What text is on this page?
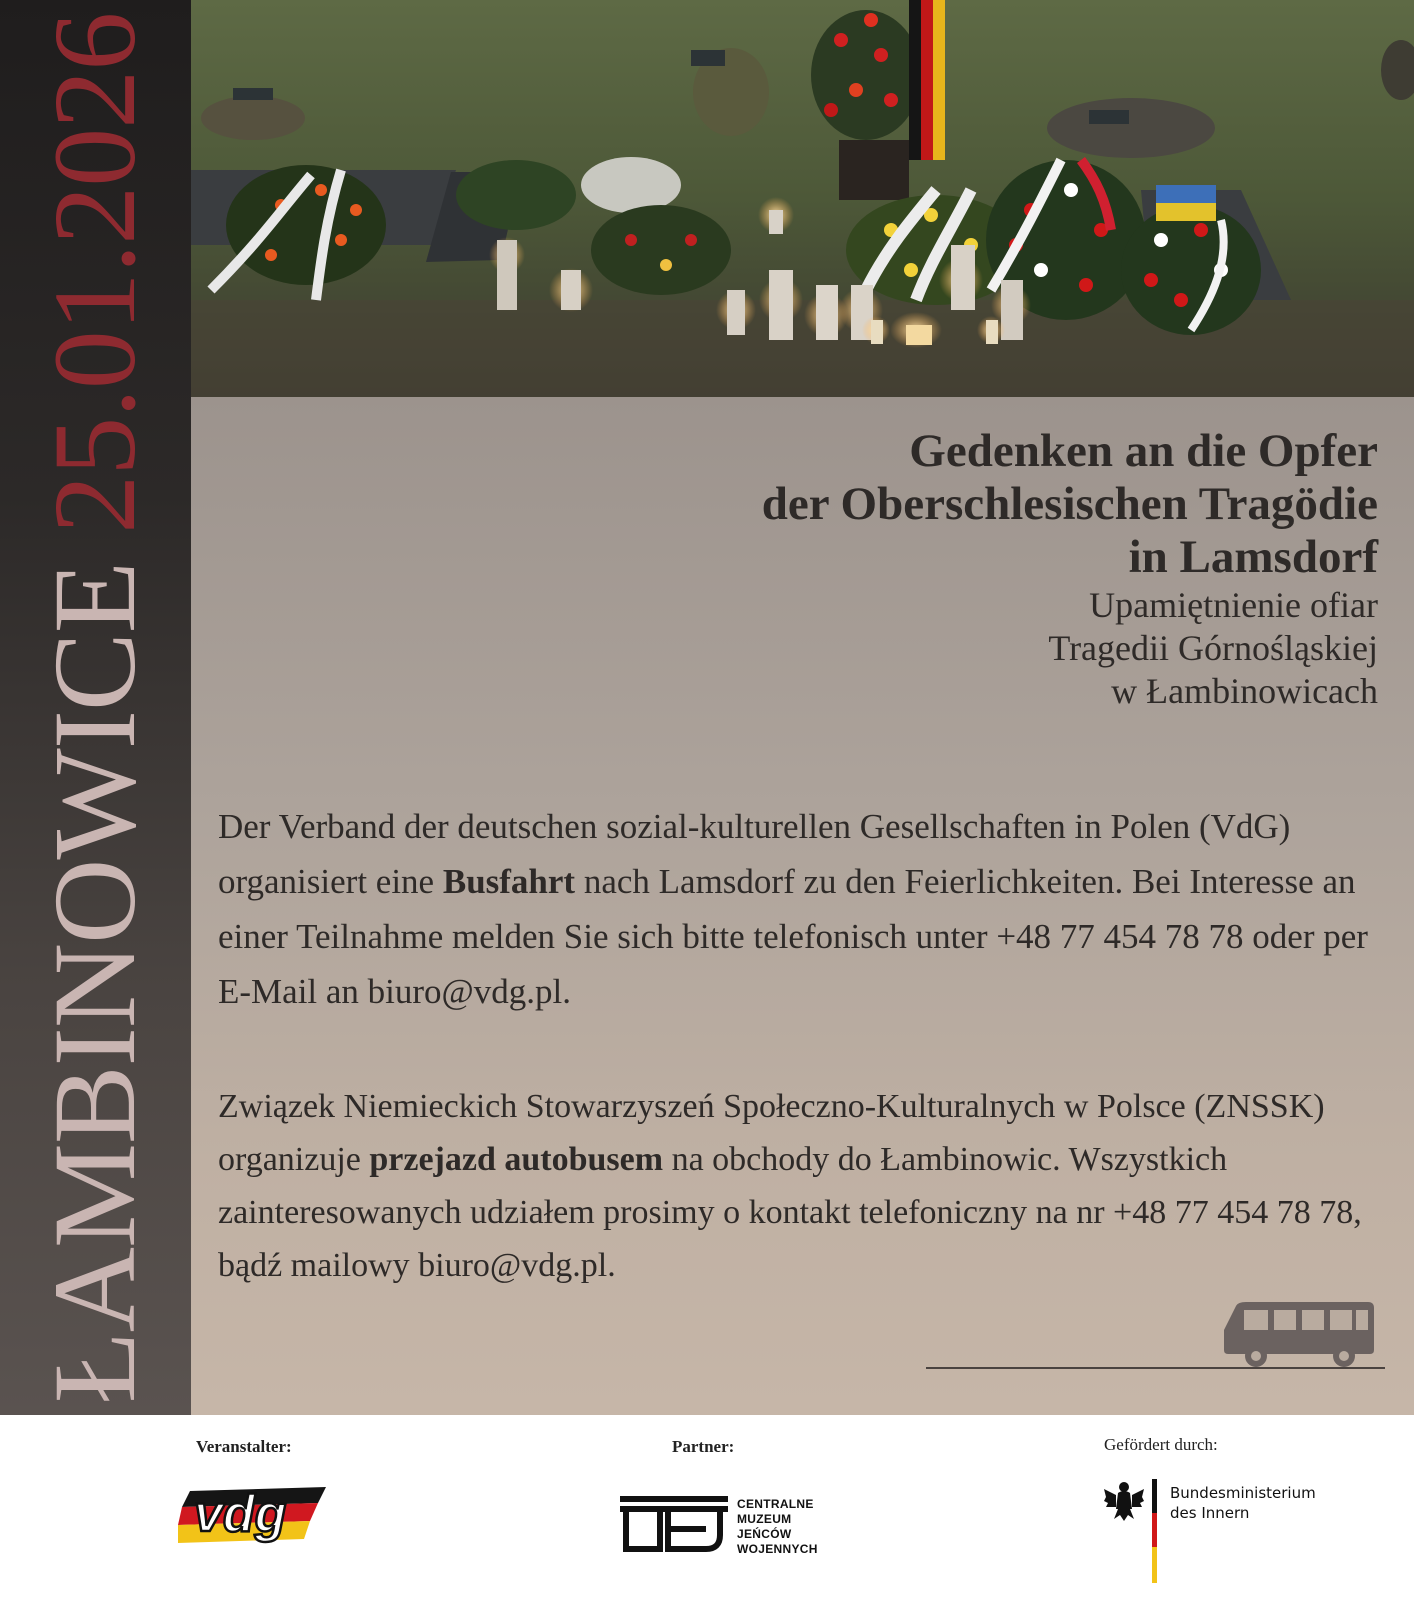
ŁAMBINOWICE 25.01.2026	Gedenken an die Opfer
der Oberschlesischen Tragödie
in Lamsdorf
Upamiętnienie ofiar
Tragedii Górnośląskiej
w Łambinowicach
Der Verband der deutschen sozial-kulturellen Gesellschaften in Polen (VdG) organisiert eine Busfahrt nach Lamsdorf zu den Feierlichkeiten. Bei Interesse an einer Teilnahme melden Sie sich bitte telefonisch unter +48 77 454 78 78 oder per E-Mail an biuro@vdg.pl.
Związek Niemieckich Stowarzyszeń Społeczno-Kulturalnych w Polsce (ZNSSK) organizuje przejazd autobusem na obchody do Łambinowic. Wszystkich zainteresowanych udziałem prosimy o kontakt telefoniczny na nr +48 77 454 78 78, bądź mailowy biuro@vdg.pl.
Veranstalter:	Partner:	Gefördert durch:
vdg	CENTRALNE
MUZEUM
JEŃCÓW
WOJENNYCH
Bundesministerium
des Innern
